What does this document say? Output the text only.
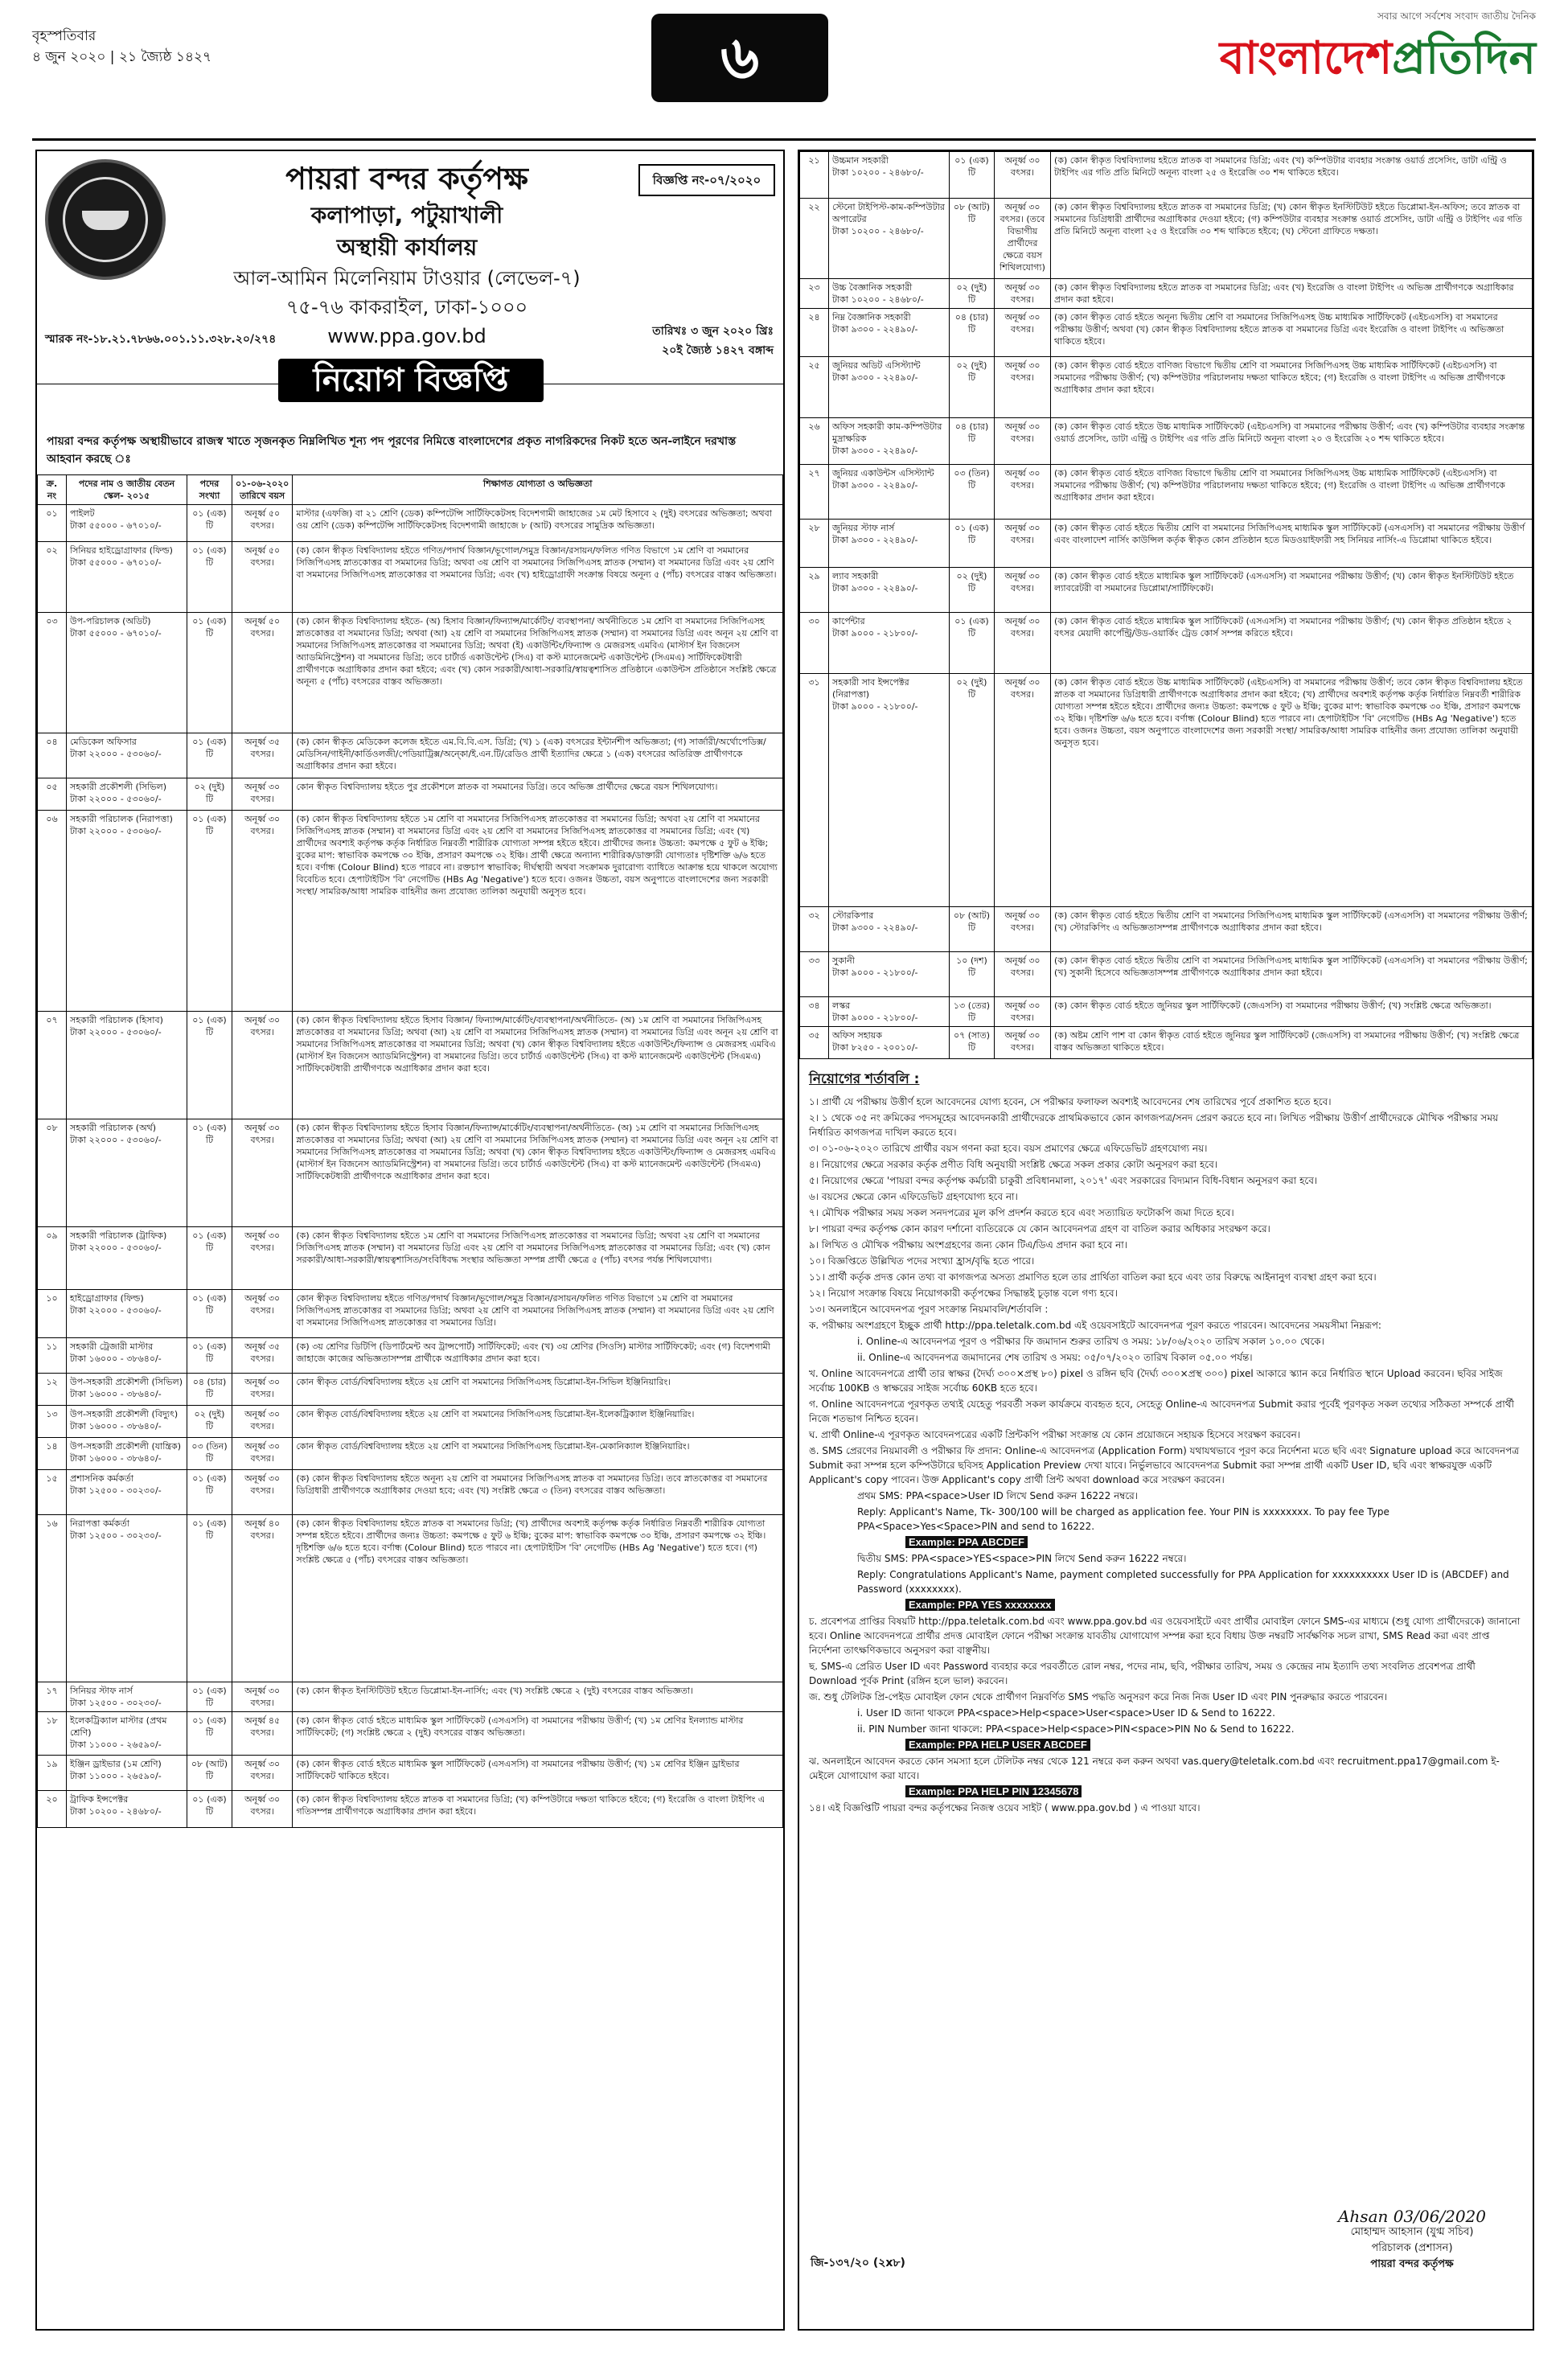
বৃহস্পতিবার
৪ জুন ২০২০ | ২১ জ্যৈষ্ঠ ১৪২৭	৬
সবার আগে সর্বশেষ সংবাদ জাতীয় দৈনিক
বাংলাদেশপ্রতিদিন
পায়রা বন্দর কর্তৃপক্ষ
কলাপাড়া, পটুয়াখালী
অস্থায়ী কার্যালয়
আল-আমিন মিলেনিয়াম টাওয়ার (লেভেল-৭)
৭৫-৭৬ কাকরাইল, ঢাকা-১০০০
www.ppa.gov.bd
বিজ্ঞপ্তি নং-০৭/২০২০
স্মারক নং-১৮.২১.৭৮৬৬.০০১.১১.৩২৮.২০/২৭৪
তারিখঃ ৩ জুন ২০২০ খ্রিঃ
২০ই জ্যৈষ্ঠ ১৪২৭ বঙ্গাব্দ
নিয়োগ বিজ্ঞপ্তি
পায়রা বন্দর কর্তৃপক্ষ অস্থায়ীভাবে রাজস্ব খাতে সৃজনকৃত নিম্নলিখিত শূন্য পদ পূরণের নিমিত্তে বাংলাদেশের প্রকৃত নাগরিকদের নিকট হতে অন-লাইনে দরখাস্ত আহবান করছে ঃ
ক্র. নং	পদের নাম ও জাতীয় বেতন স্কেল- ২০১৫	পদের সংখ্যা	০১-০৬-২০২০ তারিখে বয়স	শিক্ষাগত যোগ্যতা ও অভিজ্ঞতা
০১	পাইলট
টাকা ৫৫০০০ - ৬৭০১০/-	০১ (এক) টি	অনূর্ধ্ব ৫০ বৎসর।	মাস্টার (এফজি) বা ২১ শ্রেণি (ডেক) কম্পিটেন্সি সার্টিফিকেটসহ বিদেশগামী জাহাজের ১ম মেট হিসাবে ২ (দুই) বৎসরের অভিজ্ঞতা; অথবা ওয় শ্রেণি (ডেক) কম্পিটেন্সি সার্টিফিকেটসহ বিদেশগামী জাহাজে ৮ (আট) বৎসরের সামুদ্রিক অভিজ্ঞতা।
০২	সিনিয়র হাইড্রোগ্রাফার (ফিল্ড)
টাকা ৫৫০০০ - ৬৭০১০/-	০১ (এক) টি	অনূর্ধ্ব ৫০ বৎসর।	(ক) কোন স্বীকৃত বিশ্ববিদ্যালয় হইতে গণিত/পদার্থ বিজ্ঞান/ভূগোল/সমুদ্র বিজ্ঞান/রসায়ন/ফলিত গণিত বিভাগে ১ম শ্রেণি বা সমমানের সিজিপিএসহ স্নাতকোত্তর বা সমমানের ডিগ্রি; অথবা ৩য় শ্রেণি বা সমমানের সিজিপিএসহ স্নাতক (সম্মান) বা সমমানের ডিগ্রি এবং ২য় শ্রেণি বা সমমানের সিজিপিএসহ স্নাতকোত্তর বা সমমানের ডিগ্রি; এবং (খ) হাইড্রোগ্রাফী সংক্রান্ত বিষয়ে অনূন্য ৫ (পাঁচ) বৎসরের বাস্তব অভিজ্ঞতা।
০৩	উপ-পরিচালক (অডিট)
টাকা ৫৫০০০ - ৬৭০১০/-	০১ (এক) টি	অনূর্ধ্ব ৫০ বৎসর।	(ক) কোন স্বীকৃত বিশ্ববিদ্যালয় হইতে- (অ) হিসাব বিজ্ঞান/ফিন্যান্স/মার্কেটিং/ ব্যবস্থাপনা/ অর্থনীতিতে ১ম শ্রেণি বা সমমানের সিজিপিএসহ স্নাতকোত্তর বা সমমানের ডিগ্রি; অথবা (আ) ২য় শ্রেণি বা সমমানের সিজিপিএসহ স্নাতক (সম্মান) বা সমমানের ডিগ্রি এবং অনূন ২য় শ্রেণি বা সমমানের সিজিপিএসহ স্নাতকোত্তর বা সমমানের ডিগ্রি; অথবা (ই) একাউন্টিং/ফিন্যান্স ও মেজরসহ এমবিএ (মাস্টার্স ইন বিজনেস অ্যাডমিনিস্ট্রেশন) বা সমমানের ডিগ্রি; তবে চার্টার্ড একাউন্টেন্ট (সিএ) বা কস্ট ম্যানেজমেন্ট একাউন্টেন্ট (সিএমএ) সার্টিফিকেটধারী প্রার্থীগণকে অগ্রাধিকার প্রদান করা হইবে; এবং (খ) কোন সরকারী/আধা-সরকারি/স্বায়ত্বশাসিত প্রতিষ্ঠানে একাউন্টস প্রতিষ্ঠানে সংশ্লিষ্ট ক্ষেত্রে অনূন্য ৫ (পাঁচ) বৎসরের বাস্তব অভিজ্ঞতা।
০৪	মেডিকেল অফিসার
টাকা ২২০০০ - ৫৩০৬০/-	০১ (এক) টি	অনূর্ধ্ব ৩৫ বৎসর।	(ক) কোন স্বীকৃত মেডিকেল কলেজ হইতে এম.বি.বি.এস. ডিগ্রি; (খ) ১ (এক) বৎসরের ইন্টার্নশীপ অভিজ্ঞতা; (গ) সার্জারী/অর্থোপেডিক্স/মেডিসিন/গাইনী/কার্ডিওলজী/পেডিয়াট্রিক্স/অন্কো/ই.এন.টি/রেডিও প্রার্থী ইত্যাদির ক্ষেত্রে ১ (এক) বৎসরের অতিরিক্ত প্রার্থীগণকে অগ্রাধিকার প্রদান করা হইবে।
০৫	সহকারী প্রকৌশলী (সিভিল)
টাকা ২২০০০ - ৫৩০৬০/-	০২ (দুই) টি	অনূর্ধ্ব ৩০ বৎসর।	কোন স্বীকৃত বিশ্ববিদ্যালয় হইতে পুর প্রকৌশলে স্নাতক বা সমমানের ডিগ্রি। তবে অভিজ্ঞ প্রার্থীদের ক্ষেত্রে বয়স শিথিলযোগ্য।
০৬	সহকারী পরিচালক (নিরাপত্তা)
টাকা ২২০০০ - ৫৩০৬০/-	০১ (এক) টি	অনূর্ধ্ব ৩০ বৎসর।	(ক) কোন স্বীকৃত বিশ্ববিদ্যালয় হইতে ১ম শ্রেণি বা সমমানের সিজিপিএসহ স্নাতকোত্তর বা সমমানের ডিগ্রি; অথবা ২য় শ্রেণি বা সমমানের সিজিপিএসহ স্নাতক (সম্মান) বা সমমানের ডিগ্রি এবং ২য় শ্রেণি বা সমমানের সিজিপিএসহ স্নাতকোত্তর বা সমমানের ডিগ্রি; এবং (খ) প্রার্থীদের অবশ্যই কর্তৃপক্ষ কর্তৃক নির্ধারিত নিম্নবর্তী শারীরিক যোগ্যতা সম্পন্ন হইতে হইবে। প্রার্থীদের জন্যঃ উচ্চতা: কমপক্ষে ৫ ফুট ৬ ইঞ্চি; বুকের মাপ: স্বাভাবিক কমপক্ষে ৩০ ইঞ্চি, প্রসারণ কমপক্ষে ৩২ ইঞ্চি। প্রার্থী ক্ষেত্রে অন্যান্য শারীরিক/ডাক্তারী যোগ্যতাঃ দৃষ্টিশক্তি ৬/৬ হতে হবে। বর্ণান্ধ (Colour Blind) হতে পারবে না। রক্তচাপ স্বাভাবিক; দীর্ঘস্থায়ী অথবা সংক্রামক দুরারোগ্য ব্যাধিতে আক্রান্ত হয়ে থাকলে অযোগ্য বিবেচিত হবে। হেপাটাইটিস 'বি' নেগেটিভ (HBs Ag 'Negative') হতে হবে। ওজনঃ উচ্চতা, বয়স অনুপাতে বাংলাদেশের জন্য সরকারী সংস্থা/ সামরিক/আধা সামরিক বাহিনীর জন্য প্রযোজ্য তালিকা অনুযায়ী অনুসৃত হবে।
০৭	সহকারী পরিচালক (হিসাব)
টাকা ২২০০০ - ৫৩০৬০/-	০১ (এক) টি	অনূর্ধ্ব ৩০ বৎসর।	(ক) কোন স্বীকৃত বিশ্ববিদ্যালয় হইতে হিসাব বিজ্ঞান/ ফিন্যান্স/মার্কেটিং/ব্যবস্থাপনা/অর্থনীতিতে- (অ) ১ম শ্রেণি বা সমমানের সিজিপিএসহ স্নাতকোত্তর বা সমমানের ডিগ্রি; অথবা (আ) ২য় শ্রেণি বা সমমানের সিজিপিএসহ স্নাতক (সম্মান) বা সমমানের ডিগ্রি এবং অনূন ২য় শ্রেণি বা সমমানের সিজিপিএসহ স্নাতকোত্তর বা সমমানের ডিগ্রি; অথবা (খ) কোন স্বীকৃত বিশ্ববিদ্যালয় হইতে একাউন্টিং/ফিন্যান্স ও মেজরসহ এমবিএ (মাস্টার্স ইন বিজনেস অ্যাডমিনিস্ট্রেশন) বা সমমানের ডিগ্রি। তবে চার্টার্ড একাউন্টেন্ট (সিএ) বা কস্ট ম্যানেজমেন্ট একাউন্টেন্ট (সিএমএ) সার্টিফিকেটধারী প্রার্থীগণকে অগ্রাধিকার প্রদান করা হবে।
০৮	সহকারী পরিচালক (অর্থ)
টাকা ২২০০০ - ৫৩০৬০/-	০১ (এক) টি	অনূর্ধ্ব ৩০ বৎসর।	(ক) কোন স্বীকৃত বিশ্ববিদ্যালয় হইতে হিসাব বিজ্ঞান/ফিন্যান্স/মার্কেটিং/ব্যবস্থাপনা/অর্থনীতিতে- (অ) ১ম শ্রেণি বা সমমানের সিজিপিএসহ স্নাতকোত্তর বা সমমানের ডিগ্রি; অথবা (আ) ২য় শ্রেণি বা সমমানের সিজিপিএসহ স্নাতক (সম্মান) বা সমমানের ডিগ্রি এবং অনূন ২য় শ্রেণি বা সমমানের সিজিপিএসহ স্নাতকোত্তর বা সমমানের ডিগ্রি; অথবা (খ) কোন স্বীকৃত বিশ্ববিদ্যালয় হইতে একাউন্টিং/ফিন্যান্স ও মেজরসহ এমবিএ (মাস্টার্স ইন বিজনেস অ্যাডমিনিস্ট্রেশন) বা সমমানের ডিগ্রি। তবে চার্টার্ড একাউন্টেন্ট (সিএ) বা কস্ট ম্যানেজমেন্ট একাউন্টেন্ট (সিএমএ) সার্টিফিকেটধারী প্রার্থীগণকে অগ্রাধিকার প্রদান করা হবে।
০৯	সহকারী পরিচালক (ট্রাফিক)
টাকা ২২০০০ - ৫৩০৬০/-	০১ (এক) টি	অনূর্ধ্ব ৩০ বৎসর।	(ক) কোন স্বীকৃত বিশ্ববিদ্যালয় হইতে ১ম শ্রেণি বা সমমানের সিজিপিএসহ স্নাতকোত্তর বা সমমানের ডিগ্রি; অথবা ২য় শ্রেণি বা সমমানের সিজিপিএসহ স্নাতক (সম্মান) বা সমমানের ডিগ্রি এবং ২য় শ্রেণি বা সমমানের সিজিপিএসহ স্নাতকোত্তর বা সমমানের ডিগ্রি; এবং (খ) কোন সরকারী/আধা-সরকারী/স্বায়ত্বশাসিত/সংবিধিবদ্ধ সংস্থার অভিজ্ঞতা সম্পন্ন প্রার্থী ক্ষেত্রে ৫ (পাঁচ) বৎসর পর্যন্ত শিথিলযোগ্য।
১০	হাইড্রোগ্রাফার (ফিল্ড)
টাকা ২২০০০ - ৫৩০৬০/-	০১ (এক) টি	অনূর্ধ্ব ৩০ বৎসর।	কোন স্বীকৃত বিশ্ববিদ্যালয় হইতে গণিত/পদার্থ বিজ্ঞান/ভূগোল/সমুদ্র বিজ্ঞান/রসায়ন/ফলিত গণিত বিভাগে ১ম শ্রেণি বা সমমানের সিজিপিএসহ স্নাতকোত্তর বা সমমানের ডিগ্রি; অথবা ২য় শ্রেণি বা সমমানের সিজিপিএসহ স্নাতক (সম্মান) বা সমমানের ডিগ্রি এবং ২য় শ্রেণি বা সমমানের সিজিপিএসহ স্নাতকোত্তর বা সমমানের ডিগ্রি।
১১	সহকারী ট্রেজারী মাস্টার
টাকা ১৬০০০ - ৩৮৬৪০/-	০১ (এক) টি	অনূর্ধ্ব ৩৫ বৎসর।	(ক) ৩য় শ্রেণির ডিটিপি (ডিপার্টমেন্ট অব ট্রান্সপোর্ট) সার্টিফিকেট; এবং (খ) ৩য় শ্রেণির (সিওসি) মাস্টার সার্টিফিকেট; এবং (গ) বিদেশগামী জাহাজে কাজের অভিজ্ঞতাসম্পন্ন প্রার্থীকে অগ্রাধিকার প্রদান করা হবে।
১২	উপ-সহকারী প্রকৌশলী (সিভিল)
টাকা ১৬০০০ - ৩৮৬৪০/-	০৪ (চার) টি	অনূর্ধ্ব ৩০ বৎসর।	কোন স্বীকৃত বোর্ড/বিশ্ববিদ্যালয় হইতে ২য় শ্রেণি বা সমমানের সিজিপিএসহ ডিপ্লোমা-ইন-সিভিল ইঞ্জিনিয়ারিং।
১৩	উপ-সহকারী প্রকৌশলী (বিদ্যুৎ)
টাকা ১৬০০০ - ৩৮৬৪০/-	০২ (দুই) টি	অনূর্ধ্ব ৩০ বৎসর।	কোন স্বীকৃত বোর্ড/বিশ্ববিদ্যালয় হইতে ২য় শ্রেণি বা সমমানের সিজিপিএসহ ডিপ্লোমা-ইন-ইলেকট্রিক্যাল ইঞ্জিনিয়ারিং।
১৪	উপ-সহকারী প্রকৌশলী (যান্ত্রিক)
টাকা ১৬০০০ - ৩৮৬৪০/-	০৩ (তিন) টি	অনূর্ধ্ব ৩০ বৎসর।	কোন স্বীকৃত বোর্ড/বিশ্ববিদ্যালয় হইতে ২য় শ্রেণি বা সমমানের সিজিপিএসহ ডিপ্লোমা-ইন-মেকানিক্যাল ইঞ্জিনিয়ারিং।
১৫	প্রশাসনিক কর্মকর্তা
টাকা ১২৫০০ - ৩০২৩০/-	০১ (এক) টি	অনূর্ধ্ব ৩০ বৎসর।	(ক) কোন স্বীকৃত বিশ্ববিদ্যালয় হইতে অনূন্য ২য় শ্রেণি বা সমমানের সিজিপিএসহ স্নাতক বা সমমানের ডিগ্রি। তবে স্নাতকোত্তর বা সমমানের ডিগ্রিধারী প্রার্থীগণকে অগ্রাধিকার দেওয়া হবে; এবং (খ) সংশ্লিষ্ট ক্ষেত্রে ৩ (তিন) বৎসরের বাস্তব অভিজ্ঞতা।
১৬	নিরাপত্তা কর্মকর্তা
টাকা ১২৫০০ - ৩০২৩০/-	০১ (এক) টি	অনূর্ধ্ব ৪০ বৎসর।	(ক) কোন স্বীকৃত বিশ্ববিদ্যালয় হইতে স্নাতক বা সমমানের ডিগ্রি; (খ) প্রার্থীদের অবশ্যই কর্তৃপক্ষ কর্তৃক নির্ধারিত নিম্নবর্তী শারীরিক যোগ্যতা সম্পন্ন হইতে হইবে। প্রার্থীদের জন্যঃ উচ্চতা: কমপক্ষে ৫ ফুট ৬ ইঞ্চি; বুকের মাপ: স্বাভাবিক কমপক্ষে ৩০ ইঞ্চি, প্রসারণ কমপক্ষে ৩২ ইঞ্চি। দৃষ্টিশক্তি ৬/৬ হতে হবে। বর্ণান্ধ (Colour Blind) হতে পারবে না। হেপাটাইটিস 'বি' নেগেটিভ (HBs Ag 'Negative') হতে হবে। (গ) সংশ্লিষ্ট ক্ষেত্রে ৫ (পাঁচ) বৎসরের বাস্তব অভিজ্ঞতা।
১৭	সিনিয়র স্টাফ নার্স
টাকা ১২৫০০ - ৩০২৩০/-	০১ (এক) টি	অনূর্ধ্ব ৩০ বৎসর।	(ক) কোন স্বীকৃত ইনস্টিটিউট হইতে ডিপ্লোমা-ইন-নার্সিং; এবং (খ) সংশ্লিষ্ট ক্ষেত্রে ২ (দুই) বৎসরের বাস্তব অভিজ্ঞতা।
১৮	ইলেকট্রিক্যাল মাস্টার (প্রথম শ্রেণি)
টাকা ১১০০০ - ২৬৫৯০/-	০১ (এক) টি	অনূর্ধ্ব ৪৫ বৎসর।	(ক) কোন স্বীকৃত বোর্ড হইতে মাধ্যমিক স্কুল সার্টিফিকেট (এসএসসি) বা সমমানের পরীক্ষায় উত্তীর্ণ; (খ) ১ম শ্রেণির ইনল্যান্ড মাস্টার সার্টিফিকেট; (গ) সংশ্লিষ্ট ক্ষেত্রে ২ (দুই) বৎসরের বাস্তব অভিজ্ঞতা।
১৯	ইঞ্জিন ড্রাইভার (১ম শ্রেণি)
টাকা ১১০০০ - ২৬৫৯০/-	০৮ (আট) টি	অনূর্ধ্ব ৩০ বৎসর।	(ক) কোন স্বীকৃত বোর্ড হইতে মাধ্যমিক স্কুল সার্টিফিকেট (এসএসসি) বা সমমানের পরীক্ষায় উত্তীর্ণ; (খ) ১ম শ্রেণির ইঞ্জিন ড্রাইভার সার্টিফিকেট থাকিতে হইবে।
২০	ট্রাফিক ইন্সপেক্টর
টাকা ১০২০০ - ২৪৬৮০/-	০১ (এক) টি	অনূর্ধ্ব ৩০ বৎসর।	(ক) কোন স্বীকৃত বিশ্ববিদ্যালয় হইতে স্নাতক বা সমমানের ডিগ্রি; (খ) কম্পিউটারে দক্ষতা থাকিতে হইবে; (গ) ইংরেজি ও বাংলা টাইপিং এ গতিসম্পন্ন প্রার্থীগণকে অগ্রাধিকার প্রদান করা হইবে।
২১	উচ্চমান সহকারী
টাকা ১০২০০ - ২৪৬৮০/-	০১ (এক) টি	অনূর্ধ্ব ৩০ বৎসর।	(ক) কোন স্বীকৃত বিশ্ববিদ্যালয় হইতে স্নাতক বা সমমানের ডিগ্রি; এবং (খ) কম্পিউটার ব্যবহার সংক্রান্ত ওয়ার্ড প্রসেসিং, ডাটা এন্ট্রি ও টাইপিং এর গতি প্রতি মিনিটে অনূন্য বাংলা ২৫ ও ইংরেজি ৩০ শব্দ থাকিতে হইবে।
২২	স্টেনো টাইপিস্ট-কাম-কম্পিউটার অপারেটর
টাকা ১০২০০ - ২৪৬৮০/-	০৮ (আট) টি	অনূর্ধ্ব ৩০ বৎসর। (তবে বিভাগীয় প্রার্থীদের ক্ষেত্রে বয়স শিথিলযোগ্য)	(ক) কোন স্বীকৃত বিশ্ববিদ্যালয় হইতে স্নাতক বা সমমানের ডিগ্রি; (খ) কোন স্বীকৃত ইনস্টিটিউট হইতে ডিপ্লোমা-ইন-অফিস; তবে স্নাতক বা সমমানের ডিগ্রিধারী প্রার্থীদের অগ্রাধিকার দেওয়া হইবে; (গ) কম্পিউটার ব্যবহার সংক্রান্ত ওয়ার্ড প্রসেসিং, ডাটা এন্ট্রি ও টাইপিং এর গতি প্রতি মিনিটে অনূন্য বাংলা ২৫ ও ইংরেজি ৩০ শব্দ থাকিতে হইবে; (ঘ) স্টেনো গ্রাফিতে দক্ষতা।
২৩	উচ্চ বৈজ্ঞানিক সহকারী
টাকা ১০২০০ - ২৪৬৮০/-	০২ (দুই) টি	অনূর্ধ্ব ৩০ বৎসর।	(ক) কোন স্বীকৃত বিশ্ববিদ্যালয় হইতে স্নাতক বা সমমানের ডিগ্রি; এবং (খ) ইংরেজি ও বাংলা টাইপিং এ অভিজ্ঞ প্রার্থীগণকে অগ্রাধিকার প্রদান করা হইবে।
২৪	নিম্ন বৈজ্ঞানিক সহকারী
টাকা ৯৩০০ - ২২৪৯০/-	০৪ (চার) টি	অনূর্ধ্ব ৩০ বৎসর।	(ক) কোন স্বীকৃত বোর্ড হইতে অনূন্য দ্বিতীয় শ্রেণি বা সমমানের সিজিপিএসহ উচ্চ মাধ্যমিক সার্টিফিকেট (এইচএসসি) বা সমমানের পরীক্ষায় উত্তীর্ণ; অথবা (খ) কোন স্বীকৃত বিশ্ববিদ্যালয় হইতে স্নাতক বা সমমানের ডিগ্রি এবং ইংরেজি ও বাংলা টাইপিং এ অভিজ্ঞতা থাকিতে হইবে।
২৫	জুনিয়র অডিট এসিস্ট্যান্ট
টাকা ৯৩০০ - ২২৪৯০/-	০২ (দুই) টি	অনূর্ধ্ব ৩০ বৎসর।	(ক) কোন স্বীকৃত বোর্ড হইতে বাণিজ্য বিভাগে দ্বিতীয় শ্রেণি বা সমমানের সিজিপিএসহ উচ্চ মাধ্যমিক সার্টিফিকেট (এইচএসসি) বা সমমানের পরীক্ষায় উত্তীর্ণ; (খ) কম্পিউটার পরিচালনায় দক্ষতা থাকিতে হইবে; (গ) ইংরেজি ও বাংলা টাইপিং এ অভিজ্ঞ প্রার্থীগণকে অগ্রাধিকার প্রদান করা হইবে।
২৬	অফিস সহকারী কাম-কম্পিউটার মুদ্রাক্ষরিক
টাকা ৯৩০০ - ২২৪৯০/-	০৪ (চার) টি	অনূর্ধ্ব ৩০ বৎসর।	(ক) কোন স্বীকৃত বোর্ড হইতে উচ্চ মাধ্যমিক সার্টিফিকেট (এইচএসসি) বা সমমানের পরীক্ষায় উত্তীর্ণ; এবং (খ) কম্পিউটার ব্যবহার সংক্রান্ত ওয়ার্ড প্রসেসিং, ডাটা এন্ট্রি ও টাইপিং এর গতি প্রতি মিনিটে অনূন্য বাংলা ২০ ও ইংরেজি ২০ শব্দ থাকিতে হইবে।
২৭	জুনিয়র একাউন্টস এসিস্ট্যান্ট
টাকা ৯৩০০ - ২২৪৯০/-	০৩ (তিন) টি	অনূর্ধ্ব ৩০ বৎসর।	(ক) কোন স্বীকৃত বোর্ড হইতে বাণিজ্য বিভাগে দ্বিতীয় শ্রেণি বা সমমানের সিজিপিএসহ উচ্চ মাধ্যমিক সার্টিফিকেট (এইচএসসি) বা সমমানের পরীক্ষায় উত্তীর্ণ; (খ) কম্পিউটার পরিচালনায় দক্ষতা থাকিতে হইবে; (গ) ইংরেজি ও বাংলা টাইপিং এ অভিজ্ঞ প্রার্থীগণকে অগ্রাধিকার প্রদান করা হইবে।
২৮	জুনিয়র স্টাফ নার্স
টাকা ৯৩০০ - ২২৪৯০/-	০১ (এক) টি	অনূর্ধ্ব ৩০ বৎসর।	(ক) কোন স্বীকৃত বোর্ড হইতে দ্বিতীয় শ্রেণি বা সমমানের সিজিপিএসহ মাধ্যমিক স্কুল সার্টিফিকেট (এসএসসি) বা সমমানের পরীক্ষায় উত্তীর্ণ এবং বাংলাদেশ নার্সিং কাউন্সিল কর্তৃক স্বীকৃত কোন প্রতিষ্ঠান হতে মিডওয়াইফারী সহ সিনিয়র নার্সিং-এ ডিপ্লোমা থাকিতে হইবে।
২৯	ল্যাব সহকারী
টাকা ৯৩০০ - ২২৪৯০/-	০২ (দুই) টি	অনূর্ধ্ব ৩০ বৎসর।	(ক) কোন স্বীকৃত বোর্ড হইতে মাধ্যমিক স্কুল সার্টিফিকেট (এসএসসি) বা সমমানের পরীক্ষায় উত্তীর্ণ; (খ) কোন স্বীকৃত ইনস্টিটিউট হইতে ল্যাবরেটরী বা সমমানের ডিপ্লোমা/সার্টিফিকেট।
৩০	কার্পেন্টার
টাকা ৯০০০ - ২১৮০০/-	০১ (এক) টি	অনূর্ধ্ব ৩০ বৎসর।	(ক) কোন স্বীকৃত বোর্ড হইতে মাধ্যমিক স্কুল সার্টিফিকেট (এসএসসি) বা সমমানের পরীক্ষায় উত্তীর্ণ; (খ) কোন স্বীকৃত প্রতিষ্ঠান হইতে ২ বৎসর মেয়াদী কার্পেন্ট্রি/উড-ওয়ার্কিং ট্রেড কোর্স সম্পন্ন করিতে হইবে।
৩১	সহকারী সাব ইন্সপেক্টর (নিরাপত্তা)
টাকা ৯০০০ - ২১৮০০/-	০২ (দুই) টি	অনূর্ধ্ব ৩০ বৎসর।	(ক) কোন স্বীকৃত বোর্ড হইতে উচ্চ মাধ্যমিক সার্টিফিকেট (এইচএসসি) বা সমমানের পরীক্ষায় উত্তীর্ণ; তবে কোন স্বীকৃত বিশ্ববিদ্যালয় হইতে স্নাতক বা সমমানের ডিগ্রিধারী প্রার্থীগণকে অগ্রাধিকার প্রদান করা হইবে; (খ) প্রার্থীদের অবশ্যই কর্তৃপক্ষ কর্তৃক নির্ধারিত নিম্নবর্তী শারীরিক যোগ্যতা সম্পন্ন হইতে হইবে। প্রার্থীদের জন্যঃ উচ্চতা: কমপক্ষে ৫ ফুট ৬ ইঞ্চি; বুকের মাপ: স্বাভাবিক কমপক্ষে ৩০ ইঞ্চি, প্রসারণ কমপক্ষে ৩২ ইঞ্চি। দৃষ্টিশক্তি ৬/৬ হতে হবে। বর্ণান্ধ (Colour Blind) হতে পারবে না। হেপাটাইটিস 'বি' নেগেটিভ (HBs Ag 'Negative') হতে হবে। ওজনঃ উচ্চতা, বয়স অনুপাতে বাংলাদেশের জন্য সরকারী সংস্থা/ সামরিক/আধা সামরিক বাহিনীর জন্য প্রযোজ্য তালিকা অনুযায়ী অনুসৃত হবে।
৩২	স্টোরকিপার
টাকা ৯৩০০ - ২২৪৯০/-	০৮ (আট) টি	অনূর্ধ্ব ৩০ বৎসর।	(ক) কোন স্বীকৃত বোর্ড হইতে দ্বিতীয় শ্রেণি বা সমমানের সিজিপিএসহ মাধ্যমিক স্কুল সার্টিফিকেট (এসএসসি) বা সমমানের পরীক্ষায় উত্তীর্ণ; (খ) স্টোরকিপিং এ অভিজ্ঞতাসম্পন্ন প্রার্থীগণকে অগ্রাধিকার প্রদান করা হইবে।
৩৩	সুকানী
টাকা ৯০০০ - ২১৮০০/-	১০ (দশ) টি	অনূর্ধ্ব ৩০ বৎসর।	(ক) কোন স্বীকৃত বোর্ড হইতে দ্বিতীয় শ্রেণি বা সমমানের সিজিপিএসহ মাধ্যমিক স্কুল সার্টিফিকেট (এসএসসি) বা সমমানের পরীক্ষায় উত্তীর্ণ; (খ) সুকানী হিসেবে অভিজ্ঞতাসম্পন্ন প্রার্থীগণকে অগ্রাধিকার প্রদান করা হইবে।
৩৪	লস্কর
টাকা ৯০০০ - ২১৮০০/-	১৩ (তের) টি	অনূর্ধ্ব ৩০ বৎসর।	(ক) কোন স্বীকৃত বোর্ড হইতে জুনিয়র স্কুল সার্টিফিকেট (জেএসসি) বা সমমানের পরীক্ষায় উত্তীর্ণ; (খ) সংশ্লিষ্ট ক্ষেত্রে অভিজ্ঞতা।
৩৫	অফিস সহায়ক
টাকা ৮২৫০ - ২০০১০/-	০৭ (সাত) টি	অনূর্ধ্ব ৩০ বৎসর।	(ক) অষ্টম শ্রেণি পাশ বা কোন স্বীকৃত বোর্ড হইতে জুনিয়র স্কুল সার্টিফিকেট (জেএসসি) বা সমমানের পরীক্ষায় উত্তীর্ণ; (খ) সংশ্লিষ্ট ক্ষেত্রে বাস্তব অভিজ্ঞতা থাকিতে হইবে।
নিয়োগের শর্তাবলি :

১। প্রার্থী যে পরীক্ষায় উত্তীর্ণ হলে আবেদনের যোগ্য হবেন, সে পরীক্ষার ফলাফল অবশ্যই আবেদনের শেষ তারিখের পূর্বে প্রকাশিত হতে হবে।

২। ১ থেকে ৩৫ নং ক্রমিকের পদসমূহের আবেদনকারী প্রার্থীদেরকে প্রাথমিকভাবে কোন কাগজপত্র/সনদ প্রেরণ করতে হবে না। লিখিত পরীক্ষায় উত্তীর্ণ প্রার্থীদেরকে মৌখিক পরীক্ষার সময় নির্ধারিত কাগজপত্র দাখিল করতে হবে।

৩। ০১-০৬-২০২০ তারিখে প্রার্থীর বয়স গণনা করা হবে। বয়স প্রমাণের ক্ষেত্রে এফিডেভিট গ্রহণযোগ্য নয়।

৪। নিয়োগের ক্ষেত্রে সরকার কর্তৃক প্রণীত বিধি অনুযায়ী সংশ্লিষ্ট ক্ষেত্রে সকল প্রকার কোটা অনুসরণ করা হবে।

৫। নিয়োগের ক্ষেত্রে 'পায়রা বন্দর কর্তৃপক্ষ কর্মচারী চাকুরী প্রবিধানমালা, ২০১৭' এবং সরকারের বিদ্যমান বিধি-বিধান অনুসরণ করা হবে।

৬। বয়সের ক্ষেত্রে কোন এফিডেভিট গ্রহণযোগ্য হবে না।

৭। মৌখিক পরীক্ষার সময় সকল সনদপত্রের মূল কপি প্রদর্শন করতে হবে এবং সত্যায়িত ফটোকপি জমা দিতে হবে।

৮। পায়রা বন্দর কর্তৃপক্ষ কোন কারণ দর্শানো ব্যতিরেকে যে কোন আবেদনপত্র গ্রহণ বা বাতিল করার অধিকার সংরক্ষণ করে।

৯। লিখিত ও মৌখিক পরীক্ষায় অংশগ্রহণের জন্য কোন টিএ/ডিএ প্রদান করা হবে না।

১০। বিজ্ঞপ্তিতে উল্লিখিত পদের সংখ্যা হ্রাস/বৃদ্ধি হতে পারে।

১১। প্রার্থী কর্তৃক প্রদত্ত কোন তথ্য বা কাগজপত্র অসত্য প্রমাণিত হলে তার প্রার্থিতা বাতিল করা হবে এবং তার বিরুদ্ধে আইনানুগ ব্যবস্থা গ্রহণ করা হবে।

১২। নিয়োগ সংক্রান্ত বিষয়ে নিয়োগকারী কর্তৃপক্ষের সিদ্ধান্তই চূড়ান্ত বলে গণ্য হবে।

১৩। অনলাইনে আবেদনপত্র পূরণ সংক্রান্ত নিয়মাবলি/শর্তাবলি :

ক. পরীক্ষায় অংশগ্রহণে ইচ্ছুক প্রার্থী http://ppa.teletalk.com.bd এই ওয়েবসাইটে আবেদনপত্র পূরণ করতে পারবেন। আবেদনের সময়সীমা নিম্নরূপ:

i. Online-এ আবেদনপত্র পূরণ ও পরীক্ষার ফি জমাদান শুরুর তারিখ ও সময়: ১৮/০৬/২০২০ তারিখ সকাল ১০.০০ থেকে।

ii. Online-এ আবেদনপত্র জমাদানের শেষ তারিখ ও সময়: ০৫/০৭/২০২০ তারিখ বিকাল ০৫.০০ পর্যন্ত।

খ. Online আবেদনপত্রে প্রার্থী তার স্বাক্ষর (দৈর্ঘ্য ৩০০×প্রস্থ ৮০) pixel ও রঙ্গিন ছবি (দৈর্ঘ্য ৩০০×প্রস্থ ৩০০) pixel আকারে স্ক্যান করে নির্ধারিত স্থানে Upload করবেন। ছবির সাইজ সর্বোচ্চ 100KB ও স্বাক্ষরের সাইজ সর্বোচ্চ 60KB হতে হবে।

গ. Online আবেদনপত্রে পূরণকৃত তথ্যই যেহেতু পরবর্তী সকল কার্যক্রমে ব্যবহৃত হবে, সেহেতু Online-এ আবেদনপত্র Submit করার পূর্বেই পূরণকৃত সকল তথ্যের সঠিকতা সম্পর্কে প্রার্থী নিজে শতভাগ নিশ্চিত হবেন।

ঘ. প্রার্থী Online-এ পূরণকৃত আবেদনপত্রের একটি প্রিন্টকপি পরীক্ষা সংক্রান্ত যে কোন প্রয়োজনে সহায়ক হিসেবে সংরক্ষণ করবেন।

ঙ. SMS প্রেরণের নিয়মাবলী ও পরীক্ষার ফি প্রদান: Online-এ আবেদনপত্র (Application Form) যথাযথভাবে পূরণ করে নির্দেশনা মতে ছবি এবং Signature upload করে আবেদনপত্র Submit করা সম্পন্ন হলে কম্পিউটারে ছবিসহ Application Preview দেখা যাবে। নির্ভুলভাবে আবেদনপত্র Submit করা সম্পন্ন প্রার্থী একটি User ID, ছবি এবং স্বাক্ষরযুক্ত একটি Applicant's copy পাবেন। উক্ত Applicant's copy প্রার্থী প্রিন্ট অথবা download করে সংরক্ষণ করবেন।

প্রথম SMS: PPA<space>User ID লিখে Send করুন 16222 নম্বরে।

Reply: Applicant's Name, Tk- 300/100 will be charged as application fee. Your PIN is xxxxxxxx. To pay fee Type PPA<Space>Yes<Space>PIN and send to 16222.

Example: PPA ABCDEF

দ্বিতীয় SMS: PPA<space>YES<space>PIN লিখে Send করুন 16222 নম্বরে।

Reply: Congratulations Applicant's Name, payment completed successfully for PPA Application for xxxxxxxxxx User ID is (ABCDEF) and Password (xxxxxxxx).

Example: PPA YES xxxxxxxx

চ. প্রবেশপত্র প্রাপ্তির বিষয়টি http://ppa.teletalk.com.bd এবং www.ppa.gov.bd এর ওয়েবসাইটে এবং প্রার্থীর মোবাইল ফোনে SMS-এর মাধ্যমে (শুধু যোগ্য প্রার্থীদেরকে) জানানো হবে। Online আবেদনপত্রে প্রার্থীর প্রদত্ত মোবাইল ফোনে পরীক্ষা সংক্রান্ত যাবতীয় যোগাযোগ সম্পন্ন করা হবে বিধায় উক্ত নম্বরটি সার্বক্ষণিক সচল রাখা, SMS Read করা এবং প্রাপ্ত নির্দেশনা তাৎক্ষণিকভাবে অনুসরণ করা বাঞ্ছনীয়।

ছ. SMS-এ প্রেরিত User ID এবং Password ব্যবহার করে পরবর্তীতে রোল নম্বর, পদের নাম, ছবি, পরীক্ষার তারিখ, সময় ও কেন্দ্রের নাম ইত্যাদি তথ্য সংবলিত প্রবেশপত্র প্রার্থী Download পূর্বক Print (রঙ্গিন হলে ভাল) করবেন।

জ. শুধু টেলিটক প্রি-পেইড মোবাইল ফোন থেকে প্রার্থীগণ নিম্নবর্ণিত SMS পদ্ধতি অনুসরণ করে নিজ নিজ User ID এবং PIN পুনরুদ্ধার করতে পারবেন।

i. User ID জানা থাকলে PPA<space>Help<space>User<space>User ID & Send to 16222.

ii. PIN Number জানা থাকলে: PPA<space>Help<space>PIN<space>PIN No & Send to 16222.

Example: PPA HELP USER ABCDEF

ঝ. অনলাইনে আবেদন করতে কোন সমস্যা হলে টেলিটক নম্বর থেকে 121 নম্বরে কল করুন অথবা vas.query@teletalk.com.bd এবং recruitment.ppa17@gmail.com ই-মেইলে যোগাযোগ করা যাবে।

Example: PPA HELP PIN 12345678

১৪। এই বিজ্ঞপ্তিটি পায়রা বন্দর কর্তৃপক্ষের নিজস্ব ওয়েব সাইট ( www.ppa.gov.bd ) এ পাওয়া যাবে।

জি-১৩৭/২০ (২x৮)
Ahsan 03/06/2020
মোহাম্মদ আহসান (যুগ্ম সচিব)
পরিচালক (প্রশাসন)
পায়রা বন্দর কর্তৃপক্ষ
